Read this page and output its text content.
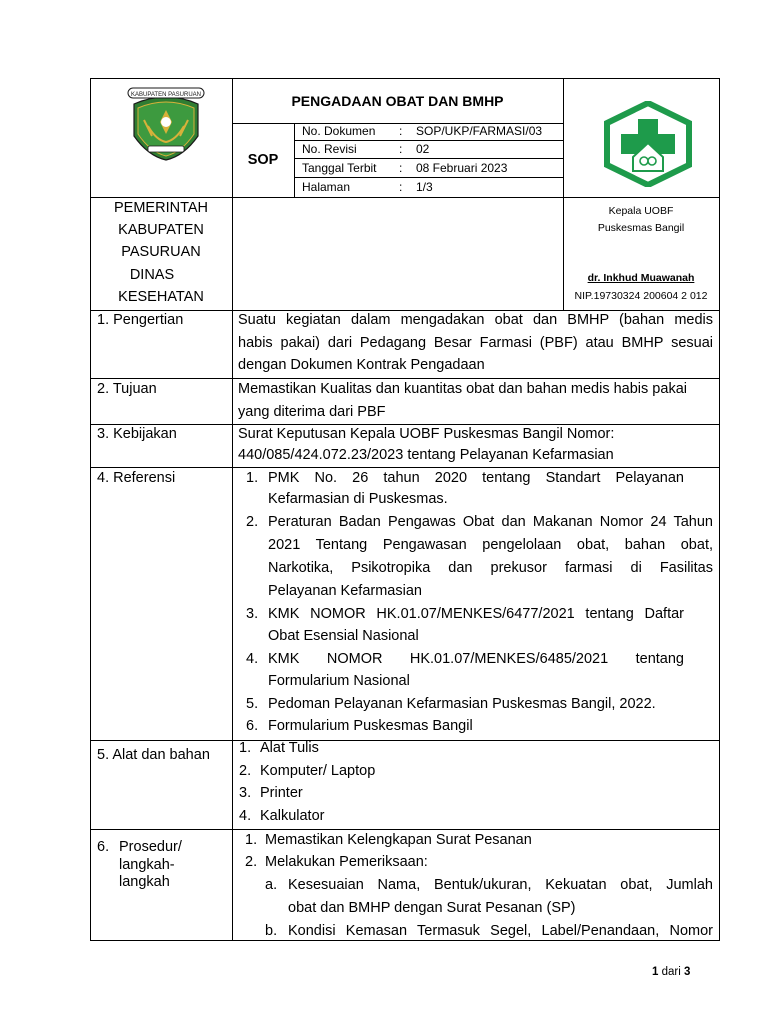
KABUPATEN PASURUAN	PENGADAAN OBAT DAN BMHP
SOP
No. Dokumen : SOP/UKP/FARMASI/03
No. Revisi	: 02
Tanggal Terbit : 08 Februari 2023
Halaman	: 1/3
PEMERINTAH
KABUPATEN
PASURUAN
DINAS
KESEHATAN
Kepala UOBF
Puskesmas Bangil
dr. Inkhud Muawanah
NIP.19730324 200604 2 012
1. Pengertian	Suatu kegiatan dalam mengadakan obat dan BMHP (bahan medis
habis pakai) dari Pedagang Besar Farmasi (PBF) atau BMHP sesuai
dengan Dokumen Kontrak Pengadaan
2. Tujuan	Memastikan Kualitas dan kuantitas obat dan bahan medis habis pakai
yang diterima dari PBF
3. Kebijakan	Surat Keputusan Kepala UOBF Puskesmas Bangil Nomor:
440/085/424.072.23/2023 tentang Pelayanan Kefarmasian
4. Referensi	1. PMK No. 26 tahun 2020 tentang Standart Pelayanan
Kefarmasian di Puskesmas.
2. Peraturan Badan Pengawas Obat dan Makanan Nomor 24 Tahun
2021 Tentang Pengawasan pengelolaan obat, bahan obat,
Narkotika, Psikotropika dan prekusor farmasi di Fasilitas
Pelayanan Kefarmasian
3. KMK NOMOR HK.01.07/MENKES/6477/2021 tentang Daftar
Obat Esensial Nasional
4. KMK NOMOR HK.01.07/MENKES/6485/2021 tentang
Formularium Nasional
5. Pedoman Pelayanan Kefarmasian Puskesmas Bangil, 2022.
6. Formularium Puskesmas Bangil
5. Alat dan bahan 1. Alat Tulis
2. Komputer/ Laptop
3. Printer
4. Kalkulator
6. Prosedur/
langkah-
langkah
1. Memastikan Kelengkapan Surat Pesanan
2. Melakukan Pemeriksaan:
a. Kesesuaian Nama, Bentuk/ukuran, Kekuatan obat, Jumlah
obat dan BMHP dengan Surat Pesanan (SP)
b. Kondisi Kemasan Termasuk Segel, Label/Penandaan, Nomor
1 dari 3
